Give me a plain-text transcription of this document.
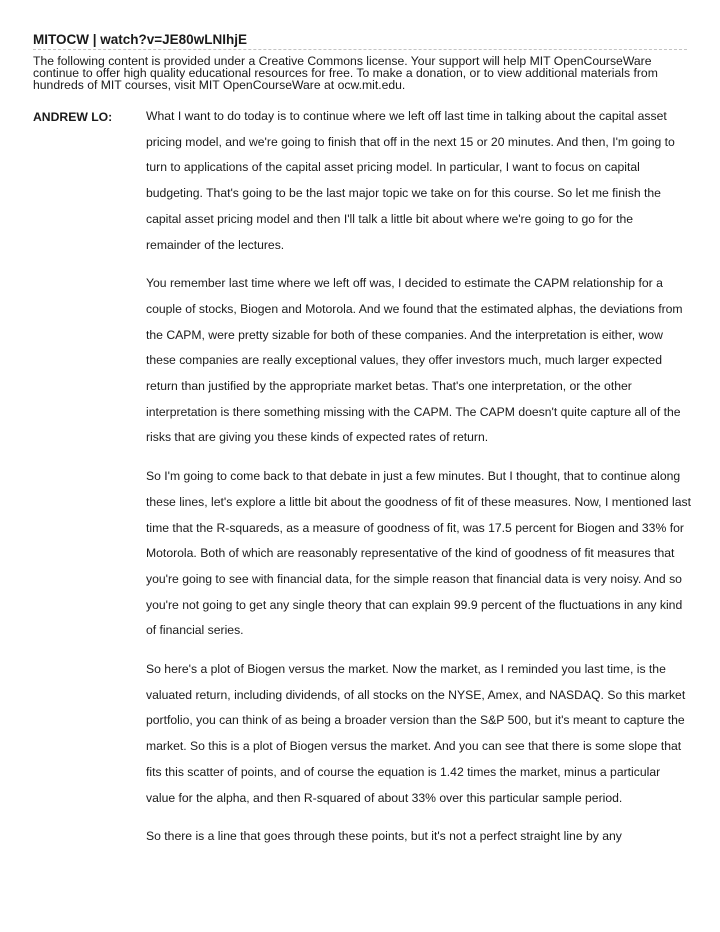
MITOCW | watch?v=JE80wLNIhjE
The following content is provided under a Creative Commons license. Your support will help MIT OpenCourseWare continue to offer high quality educational resources for free. To make a donation, or to view additional materials from hundreds of MIT courses, visit MIT OpenCourseWare at ocw.mit.edu.
ANDREW LO:	What I want to do today is to continue where we left off last time in talking about the capital asset pricing model, and we're going to finish that off in the next 15 or 20 minutes. And then, I'm going to turn to applications of the capital asset pricing model. In particular, I want to focus on capital budgeting. That's going to be the last major topic we take on for this course. So let me finish the capital asset pricing model and then I'll talk a little bit about where we're going to go for the remainder of the lectures.

You remember last time where we left off was, I decided to estimate the CAPM relationship for a couple of stocks, Biogen and Motorola. And we found that the estimated alphas, the deviations from the CAPM, were pretty sizable for both of these companies. And the interpretation is either, wow these companies are really exceptional values, they offer investors much, much larger expected return than justified by the appropriate market betas. That's one interpretation, or the other interpretation is there something missing with the CAPM. The CAPM doesn't quite capture all of the risks that are giving you these kinds of expected rates of return.

So I'm going to come back to that debate in just a few minutes. But I thought, that to continue along these lines, let's explore a little bit about the goodness of fit of these measures. Now, I mentioned last time that the R-squareds, as a measure of goodness of fit, was 17.5 percent for Biogen and 33% for Motorola. Both of which are reasonably representative of the kind of goodness of fit measures that you're going to see with financial data, for the simple reason that financial data is very noisy. And so you're not going to get any single theory that can explain 99.9 percent of the fluctuations in any kind of financial series.

So here's a plot of Biogen versus the market. Now the market, as I reminded you last time, is the valuated return, including dividends, of all stocks on the NYSE, Amex, and NASDAQ. So this market portfolio, you can think of as being a broader version than the S&P 500, but it's meant to capture the market. So this is a plot of Biogen versus the market. And you can see that there is some slope that fits this scatter of points, and of course the equation is 1.42 times the market, minus a particular value for the alpha, and then R-squared of about 33% over this particular sample period.

So there is a line that goes through these points, but it's not a perfect straight line by any
